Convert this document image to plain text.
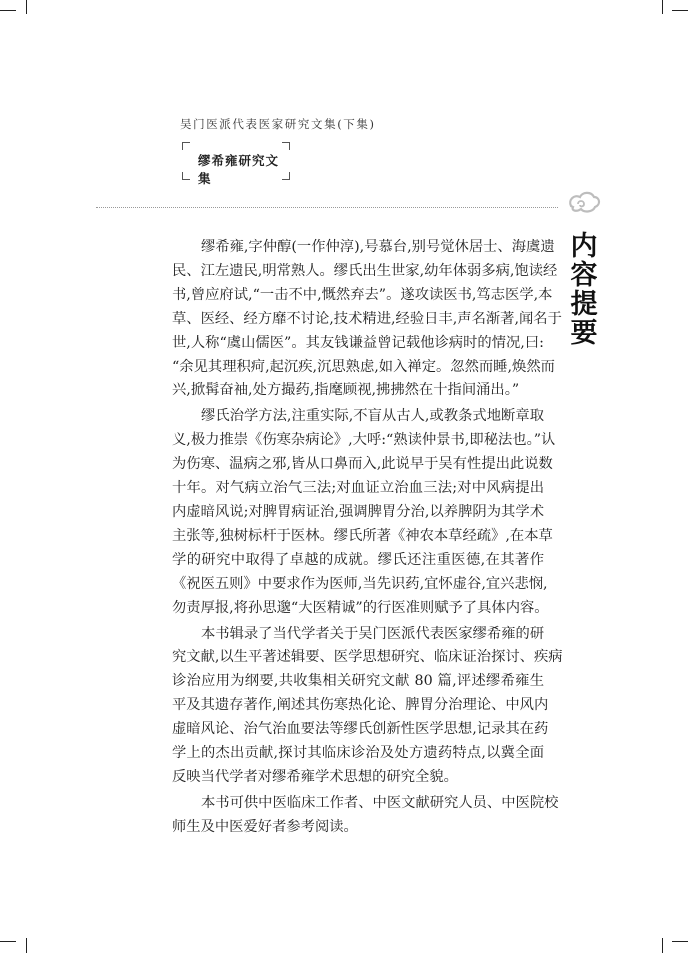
吴门医派代表医家研究文集(下集)
缪希雍研究文集
内
容
提
要
缪希雍,字仲醇(一作仲淳),号慕台,别号觉休居士、海虞遗
民、江左遗民,明常熟人。缪氏出生世家,幼年体弱多病,饱读经
书,曾应府试,“一击不中,慨然弃去”。遂攻读医书,笃志医学,本
草、医经、经方靡不讨论,技术精进,经验日丰,声名渐著,闻名于
世,人称“虞山儒医”。其友钱谦益曾记载他诊病时的情况,曰:
“余见其理积疴,起沉疾,沉思熟虑,如入禅定。忽然而睡,焕然而
兴,掀髯奋袖,处方撮药,指麾顾视,拂拂然在十指间涌出。”
缪氏治学方法,注重实际,不盲从古人,或教条式地断章取
义,极力推崇《伤寒杂病论》,大呼:“熟读仲景书,即秘法也。”认
为伤寒、温病之邪,皆从口鼻而入,此说早于吴有性提出此说数
十年。对气病立治气三法;对血证立治血三法;对中风病提出
内虚暗风说;对脾胃病证治,强调脾胃分治,以养脾阴为其学术
主张等,独树标杆于医林。缪氏所著《神农本草经疏》,在本草
学的研究中取得了卓越的成就。缪氏还注重医德,在其著作
《祝医五则》中要求作为医师,当先识药,宜怀虚谷,宜兴悲悯,
勿责厚报,将孙思邈“大医精诚”的行医准则赋予了具体内容。
本书辑录了当代学者关于吴门医派代表医家缪希雍的研
究文献,以生平著述辑要、医学思想研究、临床证治探讨、疾病
诊治应用为纲要,共收集相关研究文献 80 篇,评述缪希雍生
平及其遗存著作,阐述其伤寒热化论、脾胃分治理论、中风内
虚暗风论、治气治血要法等缪氏创新性医学思想,记录其在药
学上的杰出贡献,探讨其临床诊治及处方遗药特点,以冀全面
反映当代学者对缪希雍学术思想的研究全貌。
本书可供中医临床工作者、中医文献研究人员、中医院校
师生及中医爱好者参考阅读。
